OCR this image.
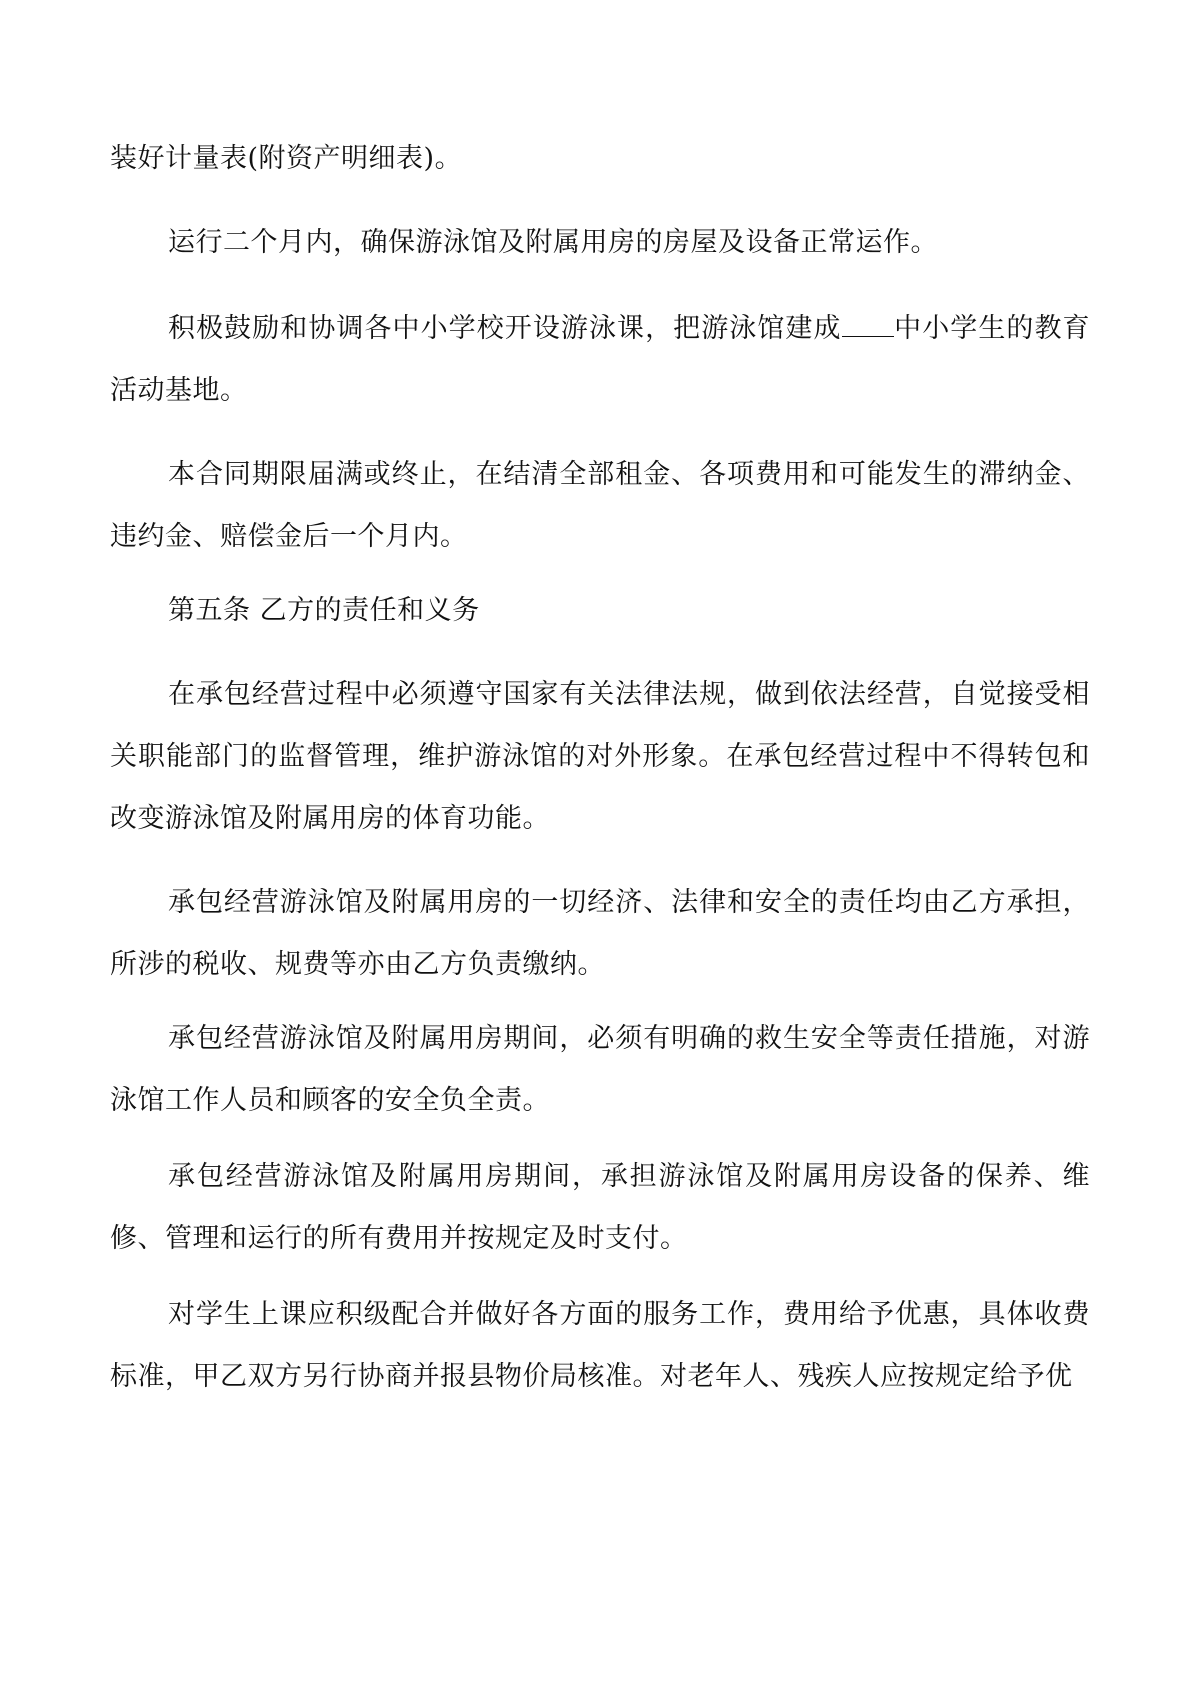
装好计量表(附资产明细表)。

运行二个月内，确保游泳馆及附属用房的房屋及设备正常运作。

积极鼓励和协调各中小学校开设游泳课，把游泳馆建成 中小学生的教育活动基地。

本合同期限届满或终止，在结清全部租金、各项费用和可能发生的滞纳金、违约金、赔偿金后一个月内。

第五条 乙方的责任和义务

在承包经营过程中必须遵守国家有关法律法规，做到依法经营，自觉接受相关职能部门的监督管理，维护游泳馆的对外形象。在承包经营过程中不得转包和改变游泳馆及附属用房的体育功能。

承包经营游泳馆及附属用房的一切经济、法律和安全的责任均由乙方承担，所涉的税收、规费等亦由乙方负责缴纳。

承包经营游泳馆及附属用房期间，必须有明确的救生安全等责任措施，对游泳馆工作人员和顾客的安全负全责。

承包经营游泳馆及附属用房期间，承担游泳馆及附属用房设备的保养、维修、管理和运行的所有费用并按规定及时支付。

对学生上课应积级配合并做好各方面的服务工作，费用给予优惠，具体收费标准，甲乙双方另行协商并报县物价局核准。对老年人、残疾人应按规定给予优
